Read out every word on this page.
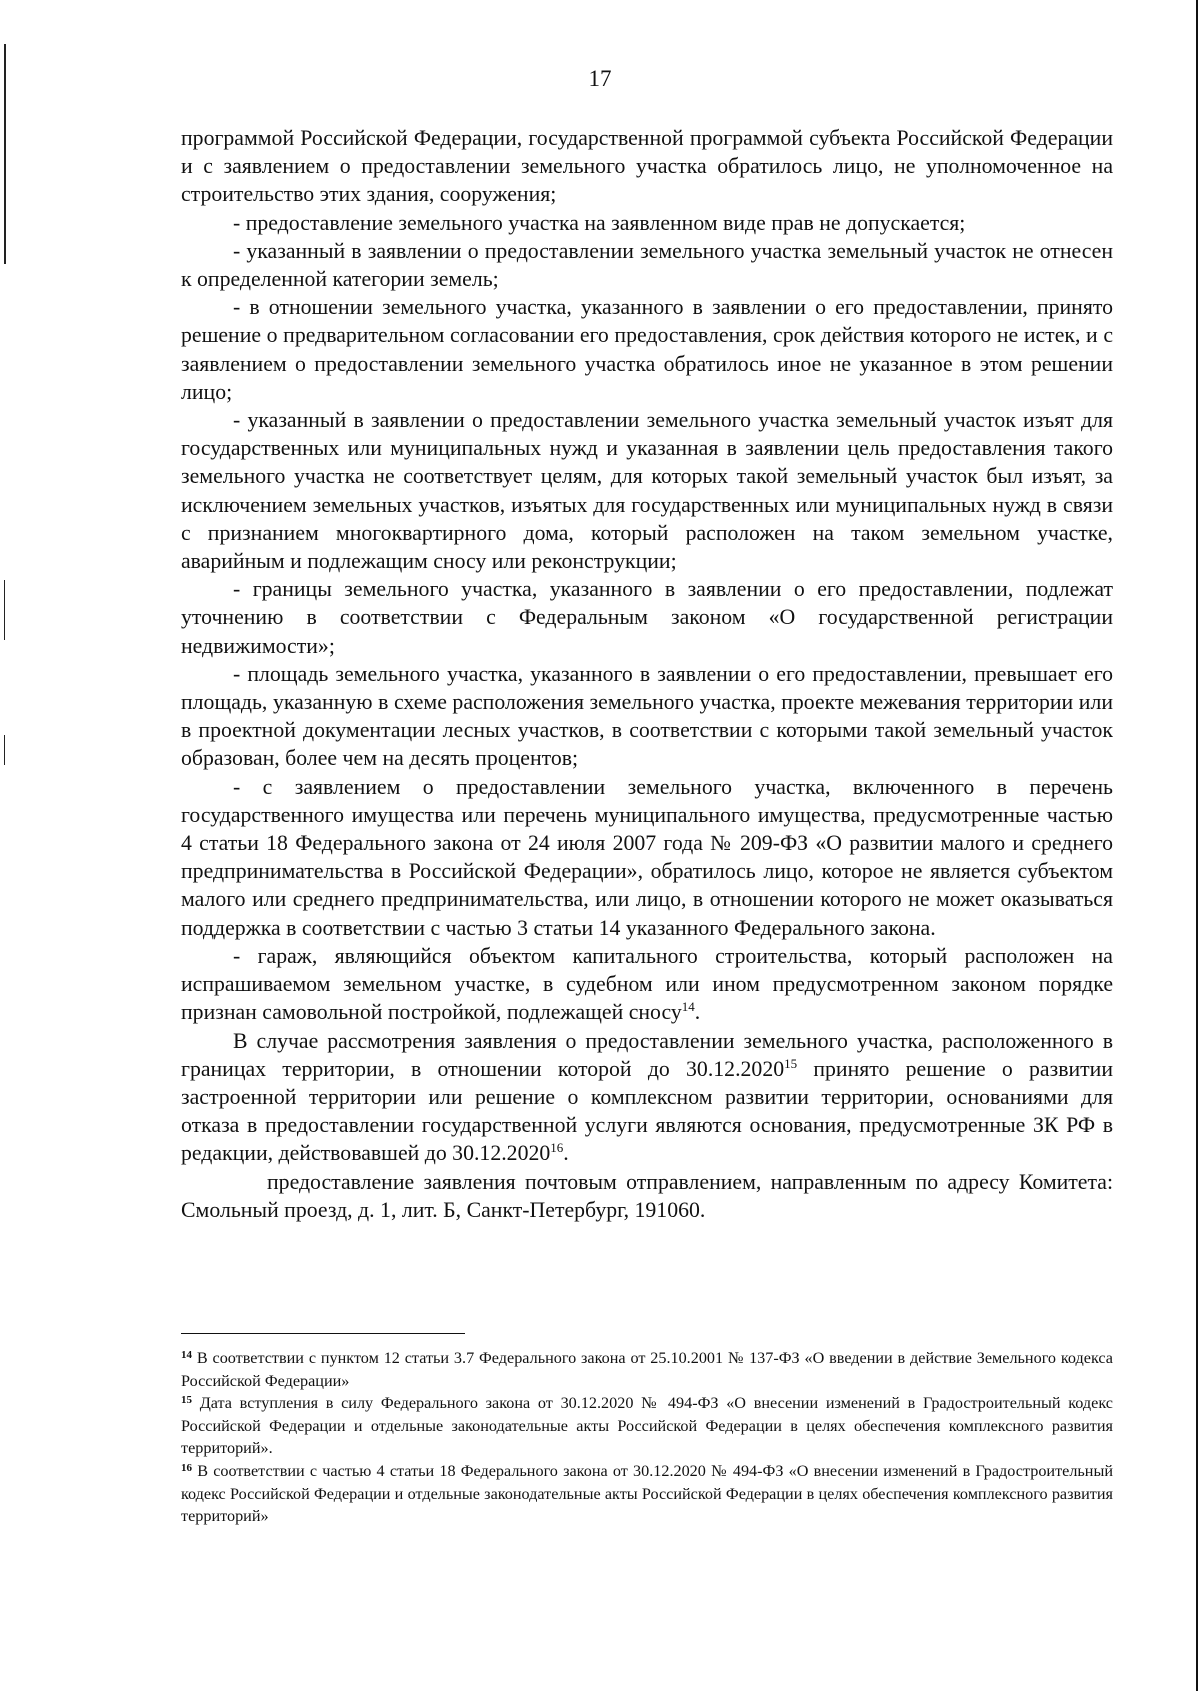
17

программой Российской Федерации, государственной программой субъекта Российской Федерации и с заявлением о предоставлении земельного участка обратилось лицо, не уполномоченное на строительство этих здания, сооружения;

- предоставление земельного участка на заявленном виде прав не допускается;

- указанный в заявлении о предоставлении земельного участка земельный участок не отнесен к определенной категории земель;

- в отношении земельного участка, указанного в заявлении о его предоставлении, принято решение о предварительном согласовании его предоставления, срок действия которого не истек, и с заявлением о предоставлении земельного участка обратилось иное не указанное в этом решении лицо;

- указанный в заявлении о предоставлении земельного участка земельный участок изъят для государственных или муниципальных нужд и указанная в заявлении цель предоставления такого земельного участка не соответствует целям, для которых такой земельный участок был изъят, за исключением земельных участков, изъятых для государственных или муниципальных нужд в связи с признанием многоквартирного дома, который расположен на таком земельном участке, аварийным и подлежащим сносу или реконструкции;

- границы земельного участка, указанного в заявлении о его предоставлении, подлежат уточнению в соответствии с Федеральным законом «О государственной регистрации недвижимости»;

- площадь земельного участка, указанного в заявлении о его предоставлении, превышает его площадь, указанную в схеме расположения земельного участка, проекте межевания территории или в проектной документации лесных участков, в соответствии с которыми такой земельный участок образован, более чем на десять процентов;

- с заявлением о предоставлении земельного участка, включенного в перечень государственного имущества или перечень муниципального имущества, предусмотренные частью 4 статьи 18 Федерального закона от 24 июля 2007 года № 209-ФЗ «О развитии малого и среднего предпринимательства в Российской Федерации», обратилось лицо, которое не является субъектом малого или среднего предпринимательства, или лицо, в отношении которого не может оказываться поддержка в соответствии с частью 3 статьи 14 указанного Федерального закона.

- гараж, являющийся объектом капитального строительства, который расположен на испрашиваемом земельном участке, в судебном или ином предусмотренном законом порядке признан самовольной постройкой, подлежащей сносу$^{14}$.

В случае рассмотрения заявления о предоставлении земельного участка, расположенного в границах территории, в отношении которой до 30.12.2020$^{15}$ принято решение о развитии застроенной территории или решение о комплексном развитии территории, основаниями для отказа в предоставлении государственной услуги являются основания, предусмотренные ЗК РФ в редакции, действовавшей до 30.12.2020$^{16}$.

предоставление заявления почтовым отправлением, направленным по адресу Комитета: Смольный проезд, д. 1, лит. Б, Санкт-Петербург, 191060.

$^{14}$ В соответствии с пунктом 12 статьи 3.7 Федерального закона от 25.10.2001 № 137-ФЗ «О введении в действие Земельного кодекса Российской Федерации»

$^{15}$ Дата вступления в силу Федерального закона от 30.12.2020 № 494-ФЗ «О внесении изменений в Градостроительный кодекс Российской Федерации и отдельные законодательные акты Российской Федерации в целях обеспечения комплексного развития территорий».

$^{16}$ В соответствии с частью 4 статьи 18 Федерального закона от 30.12.2020 № 494-ФЗ «О внесении изменений в Градостроительный кодекс Российской Федерации и отдельные законодательные акты Российской Федерации в целях обеспечения комплексного развития территорий»
